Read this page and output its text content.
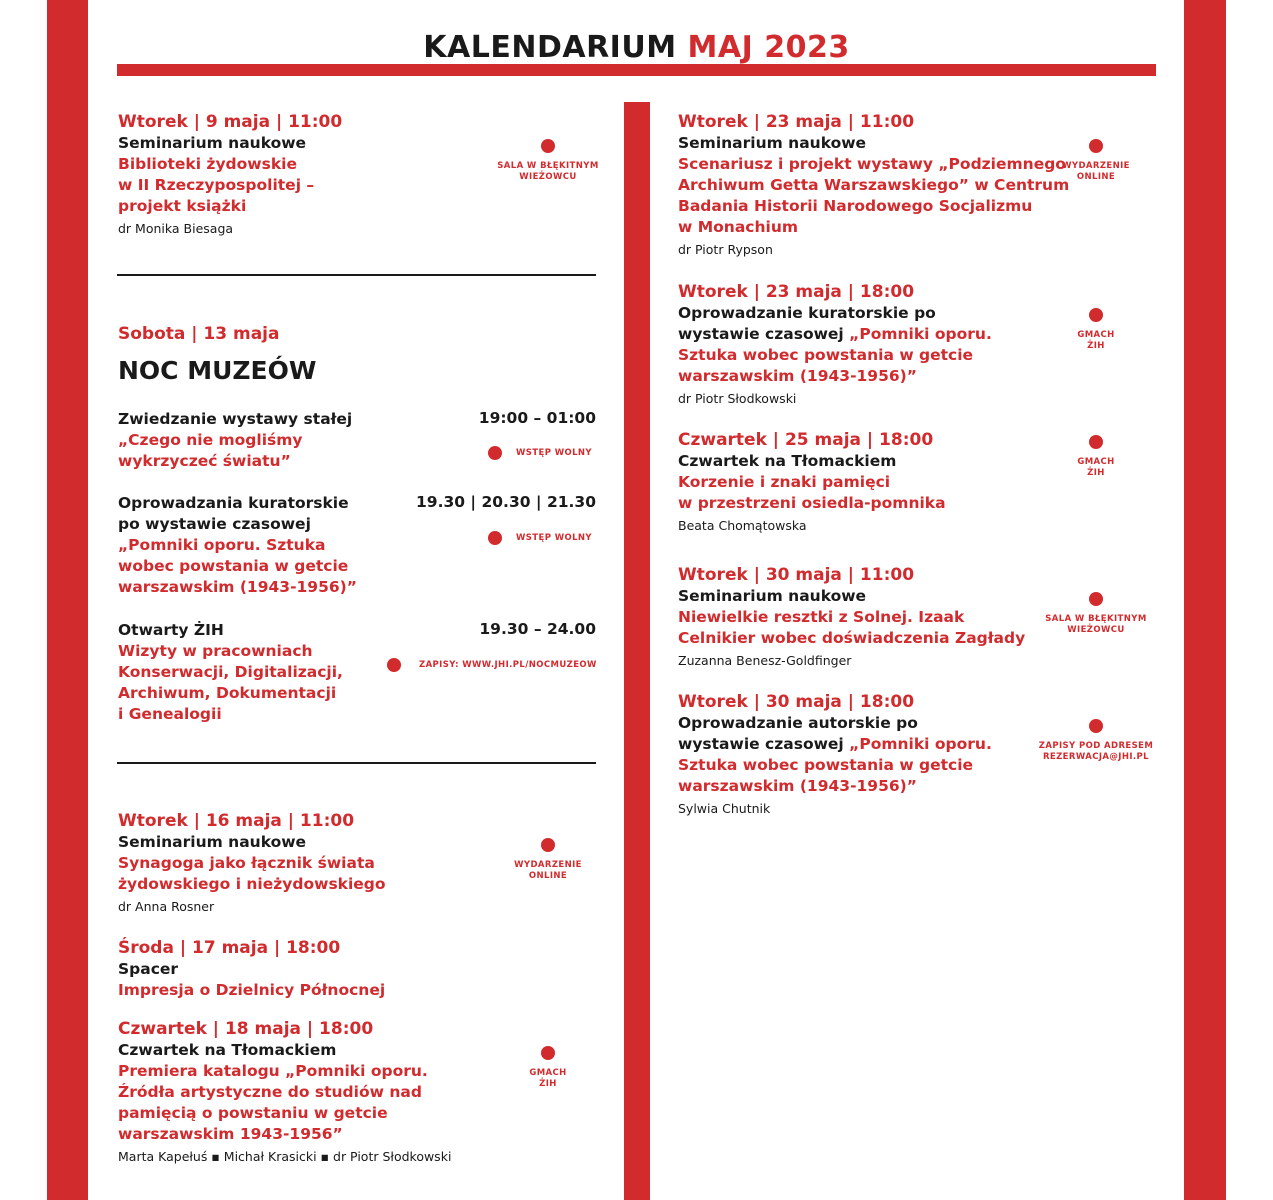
KALENDARIUM MAJ 2023
Wtorek | 9 maja | 11:00
Seminarium naukowe
Biblioteki żydowskie
w II Rzeczypospolitej –
projekt książki
dr Monika Biesaga
SALA W BŁĘKITNYM
WIEŻOWCU
Sobota | 13 maja
NOC MUZEÓW
Zwiedzanie wystawy stałej
„Czego nie mogliśmy
wykrzyczeć światu”
19:00 – 01:00
WSTĘP WOLNY
Oprowadzania kuratorskie
po wystawie czasowej
„Pomniki oporu. Sztuka
wobec powstania w getcie
warszawskim (1943-1956)”
19.30 | 20.30 | 21.30
WSTĘP WOLNY
Otwarty ŻIH
Wizyty w pracowniach
Konserwacji, Digitalizacji,
Archiwum, Dokumentacji
i Genealogii
19.30 – 24.00
ZAPISY: WWW.JHI.PL/NOCMUZEOW
Wtorek | 16 maja | 11:00
Seminarium naukowe
Synagoga jako łącznik świata
żydowskiego i nieżydowskiego
dr Anna Rosner
WYDARZENIE
ONLINE
Środa | 17 maja | 18:00
Spacer
Impresja o Dzielnicy Północnej
Czwartek | 18 maja | 18:00
Czwartek na Tłomackiem
Premiera katalogu „Pomniki oporu.
Źródła artystyczne do studiów nad
pamięcią o powstaniu w getcie
warszawskim 1943-1956”
Marta Kapełuś ▪ Michał Krasicki ▪ dr Piotr Słodkowski
GMACH
ŻIH
Wtorek | 23 maja | 11:00
Seminarium naukowe
Scenariusz i projekt wystawy „Podziemnego
Archiwum Getta Warszawskiego” w Centrum
Badania Historii Narodowego Socjalizmu
w Monachium
dr Piotr Rypson
WYDARZENIE
ONLINE
Wtorek | 23 maja | 18:00
Oprowadzanie kuratorskie po
wystawie czasowej „Pomniki oporu.
Sztuka wobec powstania w getcie
warszawskim (1943-1956)”
dr Piotr Słodkowski
GMACH
ŻIH
Czwartek | 25 maja | 18:00
Czwartek na Tłomackiem
Korzenie i znaki pamięci
w przestrzeni osiedla-pomnika
Beata Chomątowska
GMACH
ŻIH
Wtorek | 30 maja | 11:00
Seminarium naukowe
Niewielkie resztki z Solnej. Izaak
Celnikier wobec doświadczenia Zagłady
Zuzanna Benesz-Goldfinger
SALA W BŁĘKITNYM
WIEŻOWCU
Wtorek | 30 maja | 18:00
Oprowadzanie autorskie po
wystawie czasowej „Pomniki oporu.
Sztuka wobec powstania w getcie
warszawskim (1943-1956)”
Sylwia Chutnik
ZAPISY POD ADRESEM
REZERWACJA@JHI.PL
